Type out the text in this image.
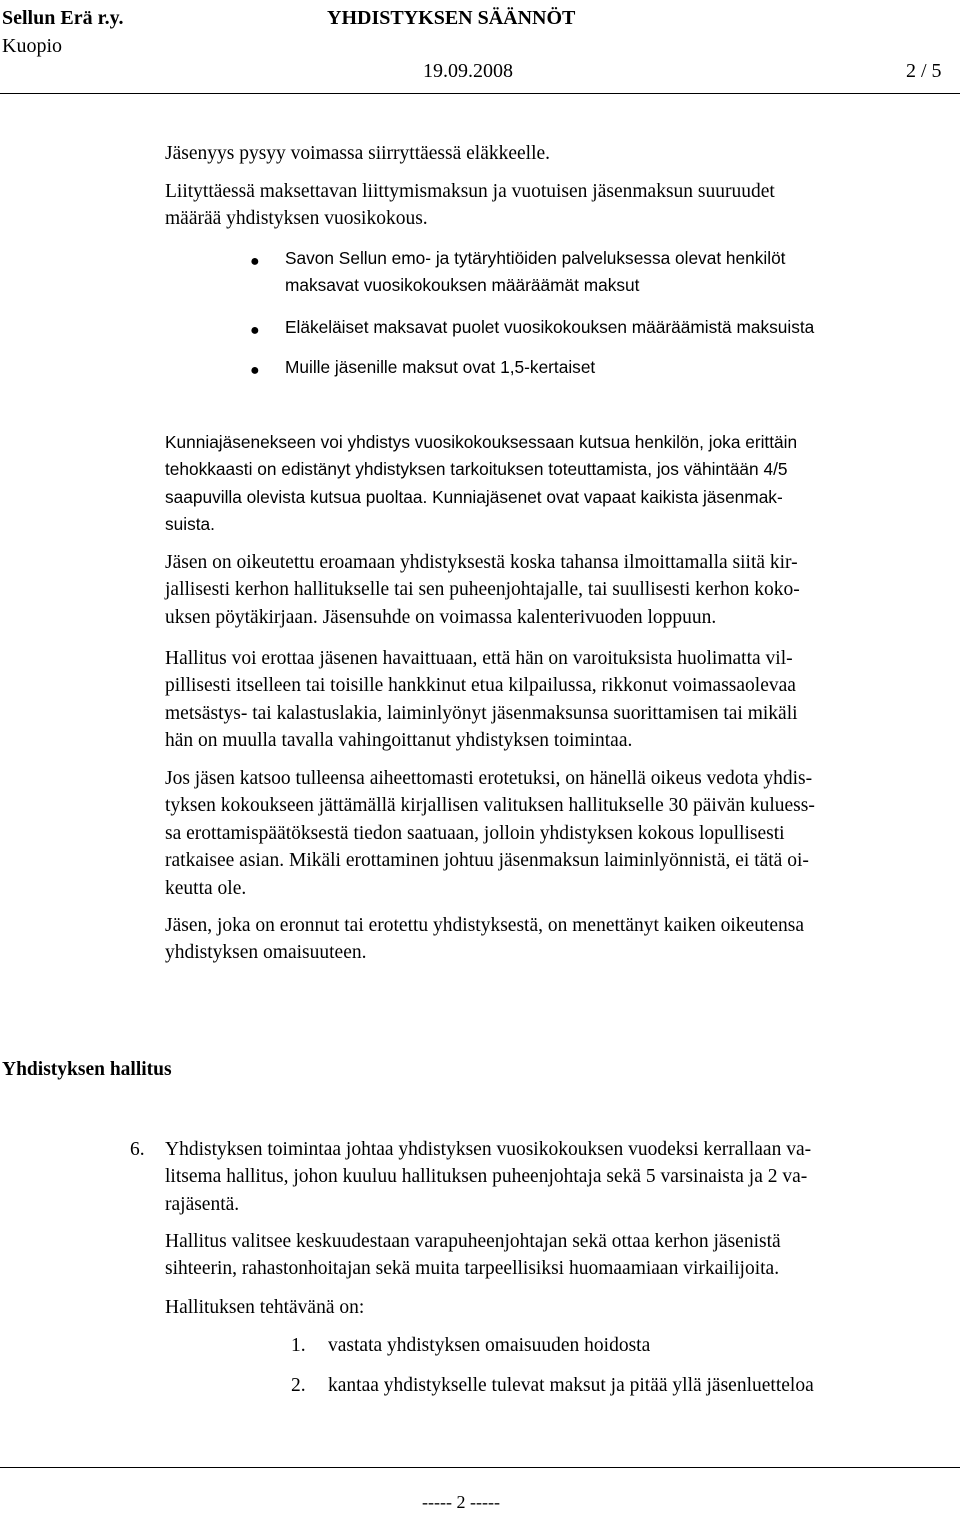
Sellun Erä r.y.
Kuopio
YHDISTYKSEN SÄÄNNÖT
19.09.2008	2 / 5
Jäsenyys pysyy voimassa siirryttäessä eläkkeelle.
Liityttäessä maksettavan liittymismaksun ja vuotuisen jäsenmaksun suuruudet
määrää yhdistyksen vuosikokous.
● Savon Sellun emo- ja tytäryhtiöiden palveluksessa olevat henkilöt
maksavat vuosikokouksen määräämät maksut
● Eläkeläiset maksavat puolet vuosikokouksen määräämistä maksuista
● Muille jäsenille maksut ovat 1,5-kertaiset
Kunniajäsenekseen voi yhdistys vuosikokouksessaan kutsua henkilön, joka erittäin
tehokkaasti on edistänyt yhdistyksen tarkoituksen toteuttamista, jos vähintään 4/5
saapuvilla olevista kutsua puoltaa. Kunniajäsenet ovat vapaat kaikista jäsenmak-
suista.
Jäsen on oikeutettu eroamaan yhdistyksestä koska tahansa ilmoittamalla siitä kir-
jallisesti kerhon hallitukselle tai sen puheenjohtajalle, tai suullisesti kerhon koko-
uksen pöytäkirjaan. Jäsensuhde on voimassa kalenterivuoden loppuun.
Hallitus voi erottaa jäsenen havaittuaan, että hän on varoituksista huolimatta vil-
pillisesti itselleen tai toisille hankkinut etua kilpailussa, rikkonut voimassaolevaa
metsästys- tai kalastuslakia, laiminlyönyt jäsenmaksunsa suorittamisen tai mikäli
hän on muulla tavalla vahingoittanut yhdistyksen toimintaa.
Jos jäsen katsoo tulleensa aiheettomasti erotetuksi, on hänellä oikeus vedota yhdis-
tyksen kokoukseen jättämällä kirjallisen valituksen hallitukselle 30 päivän kuluess-
sa erottamispäätöksestä tiedon saatuaan, jolloin yhdistyksen kokous lopullisesti
ratkaisee asian. Mikäli erottaminen johtuu jäsenmaksun laiminlyönnistä, ei tätä oi-
keutta ole.
Jäsen, joka on eronnut tai erotettu yhdistyksestä, on menettänyt kaiken oikeutensa
yhdistyksen omaisuuteen.
Yhdistyksen hallitus
6. Yhdistyksen toimintaa johtaa yhdistyksen vuosikokouksen vuodeksi kerrallaan va-
litsema hallitus, johon kuuluu hallituksen puheenjohtaja sekä 5 varsinaista ja 2 va-
rajäsentä.
Hallitus valitsee keskuudestaan varapuheenjohtajan sekä ottaa kerhon jäsenistä
sihteerin, rahastonhoitajan sekä muita tarpeellisiksi huomaamiaan virkailijoita.
Hallituksen tehtävänä on:
1. vastata yhdistyksen omaisuuden hoidosta
2. kantaa yhdistykselle tulevat maksut ja pitää yllä jäsenluetteloa
----- 2 -----
